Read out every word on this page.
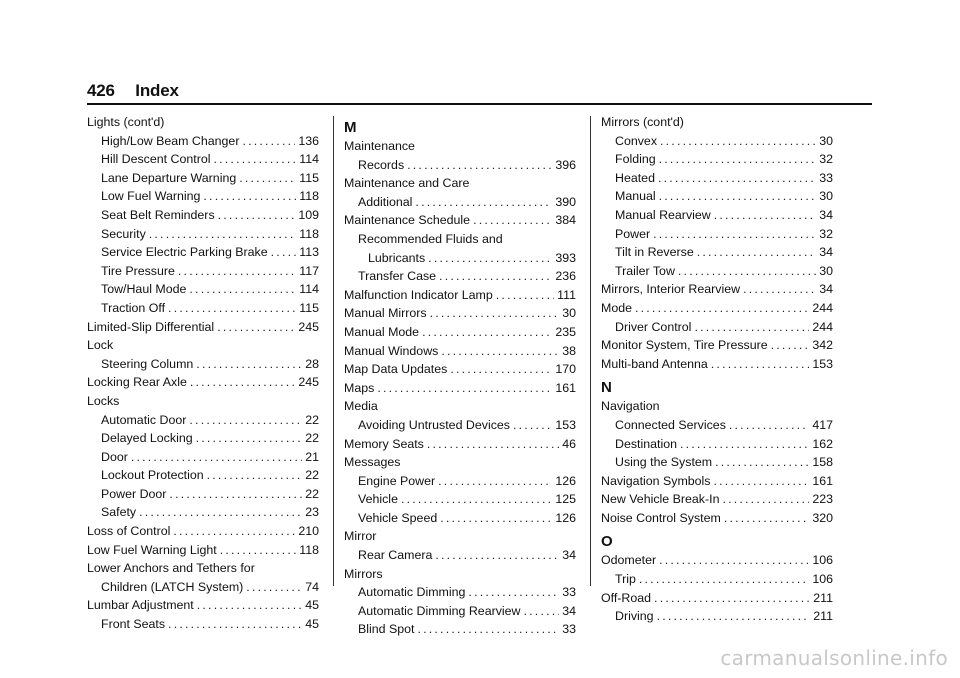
426 Index
Lights (cont'd)
High/Low Beam Changer .....	136
Hill Descent Control .....	114
Lane Departure Warning .....	115
Low Fuel Warning .....	118
Seat Belt Reminders .....	109
Security .....	118
Service Electric Parking Brake .....	113
Tire Pressure .....	117
Tow/Haul Mode .....	114
Traction Off .....	115
Limited-Slip Differential .....	245
Lock
Steering Column .....	28
Locking Rear Axle .....	245
Locks
Automatic Door .....	22
Delayed Locking .....	22
Door .....	21
Lockout Protection .....	22
Power Door .....	22
Safety .....	23
Loss of Control .....	210
Low Fuel Warning Light .....	118
Lower Anchors and Tethers for
Children (LATCH System) .....	74
Lumbar Adjustment .....	45
Front Seats .....	45
M
Maintenance
Records .....	396
Maintenance and Care
Additional .....	390
Maintenance Schedule .....	384
Recommended Fluids and
Lubricants .....	393
Transfer Case .....	236
Malfunction Indicator Lamp .....	111
Manual Mirrors .....	30
Manual Mode .....	235
Manual Windows .....	38
Map Data Updates .....	170
Maps .....	161
Media
Avoiding Untrusted Devices .....	153
Memory Seats .....	46
Messages
Engine Power .....	126
Vehicle .....	125
Vehicle Speed .....	126
Mirror
Rear Camera .....	34
Mirrors
Automatic Dimming .....	33
Automatic Dimming Rearview .....	34
Blind Spot .....	33
Mirrors (cont'd)
Convex .....	30
Folding .....	32
Heated .....	33
Manual .....	30
Manual Rearview .....	34
Power .....	32
Tilt in Reverse .....	34
Trailer Tow .....	30
Mirrors, Interior Rearview .....	34
Mode .....	244
Driver Control .....	244
Monitor System, Tire Pressure .....	342
Multi-band Antenna .....	153
N
Navigation
Connected Services .....	417
Destination .....	162
Using the System .....	158
Navigation Symbols .....	161
New Vehicle Break-In .....	223
Noise Control System .....	320
O
Odometer .....	106
Trip .....	106
Off-Road .....	211
Driving .....	211
carmanualsonline.info
